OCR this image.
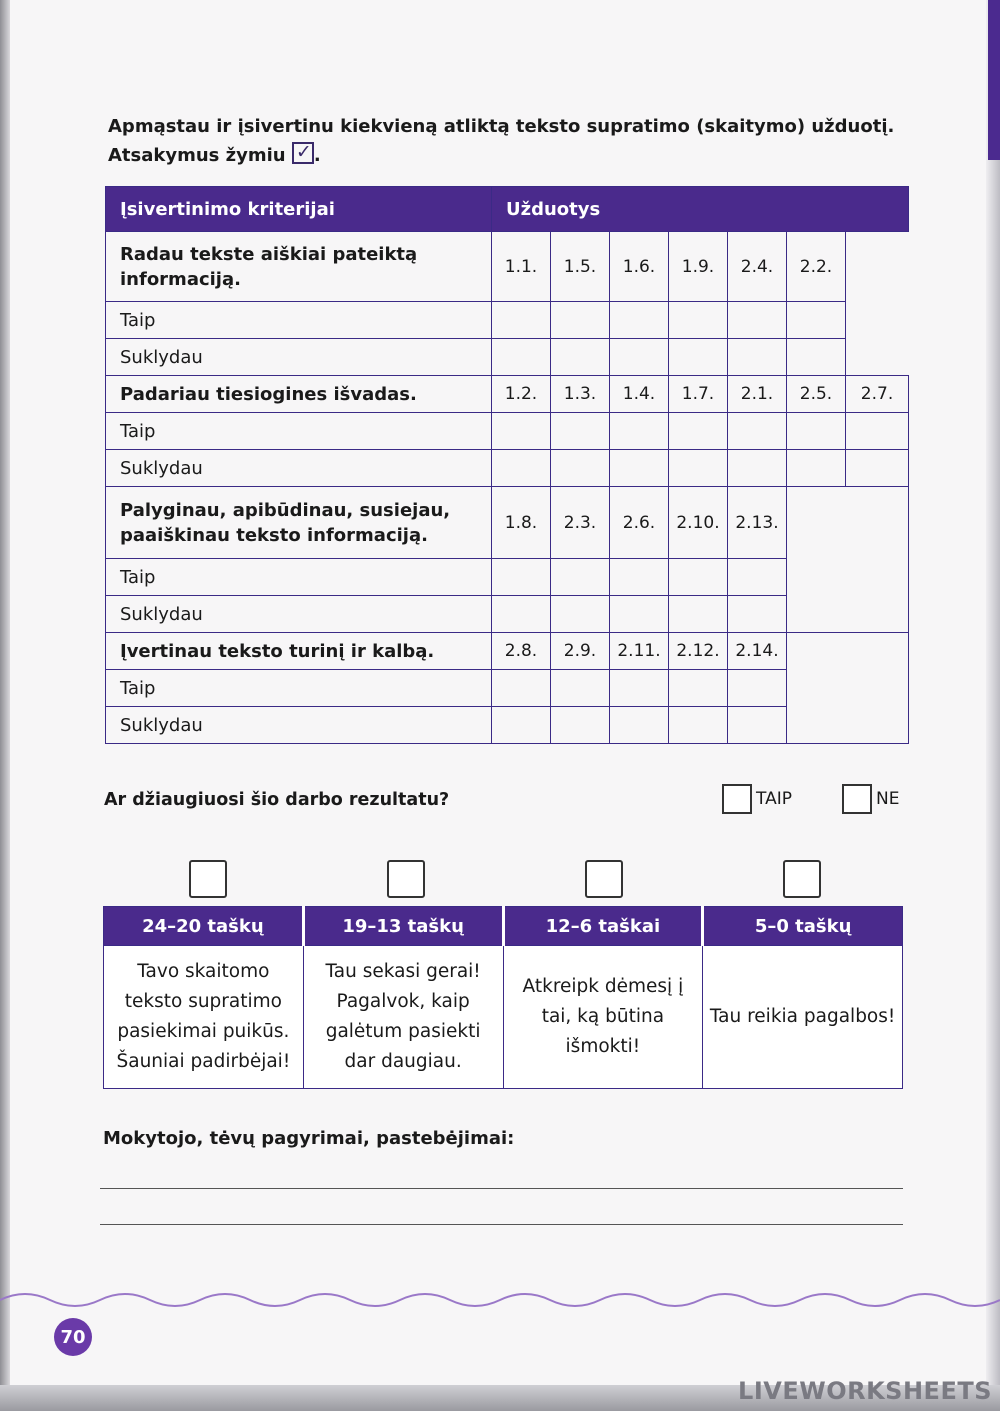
Apmąstau ir įsivertinu kiekvieną atliktą teksto supratimo (skaitymo) užduotį.
Atsakymus žymiu ✓ .
Įsivertinimo kriterijai	Užduotys						
Radau tekste aiškiai pateiktą informaciją.	1.1.	1.5.	1.6.	1.9.	2.4.	2.2.	
Taip							
Suklydau							
Padariau tiesiogines išvadas.	1.2.	1.3.	1.4.	1.7.	2.1.	2.5.	2.7.
Taip							
Suklydau							
Palyginau, apibūdinau, susiejau, paaiškinau teksto informaciją.	1.8.	2.3.	2.6.	2.10.	2.13.		
Taip							
Suklydau							
Įvertinau teksto turinį ir kalbą.	2.8.	2.9.	2.11.	2.12.	2.14.		
Taip							
Suklydau							
Ar džiaugiuosi šio darbo rezultatu?	TAIP	NE
24–20 taškų	19–13 taškų	12–6 taškai	5–0 taškų
Tavo skaitomo teksto supratimo pasiekimai puikūs. Šauniai padirbėjai!	Tau sekasi gerai! Pagalvok, kaip galėtum pasiekti dar daugiau.	Atkreipk dėmesį į tai, ką būtina išmokti!	Tau reikia pagalbos!
Mokytojo, tėvų pagyrimai, pastebėjimai:
70
LIVEWORKSHEETS
